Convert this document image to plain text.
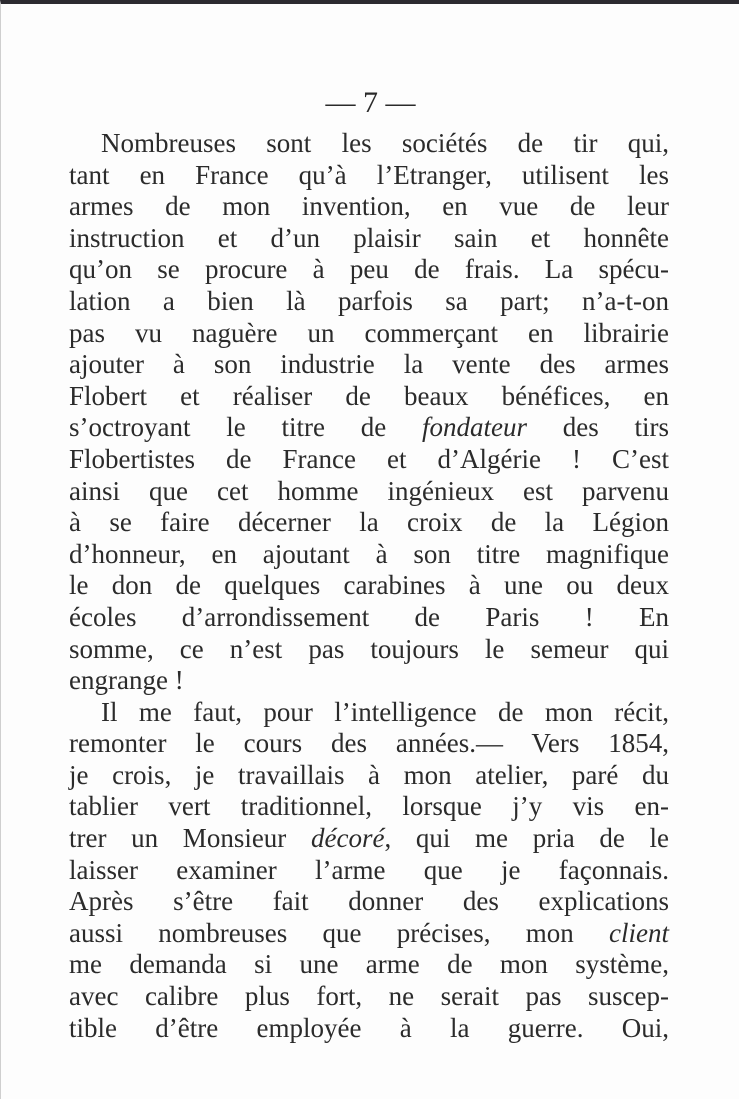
— 7 —
Nombreuses sont les sociétés de tir qui,
tant en France qu’à l’Etranger, utilisent les
armes de mon invention, en vue de leur
instruction et d’un plaisir sain et honnête
qu’on se procure à peu de frais. La spécu-
lation a bien là parfois sa part; n’a-t-on
pas vu naguère un commerçant en librairie
ajouter à son industrie la vente des armes
Flobert et réaliser de beaux bénéfices, en
s’octroyant le titre de fondateur des tirs
Flobertistes de France et d’Algérie ! C’est
ainsi que cet homme ingénieux est parvenu
à se faire décerner la croix de la Légion
d’honneur, en ajoutant à son titre magnifique
le don de quelques carabines à une ou deux
écoles d’arrondissement de Paris ! En
somme, ce n’est pas toujours le semeur qui
engrange !
Il me faut, pour l’intelligence de mon récit,
remonter le cours des années.— Vers 1854,
je crois, je travaillais à mon atelier, paré du
tablier vert traditionnel, lorsque j’y vis en-
trer un Monsieur décoré, qui me pria de le
laisser examiner l’arme que je façonnais.
Après s’être fait donner des explications
aussi nombreuses que précises, mon client
me demanda si une arme de mon système,
avec calibre plus fort, ne serait pas suscep-
tible d’être employée à la guerre. Oui,
